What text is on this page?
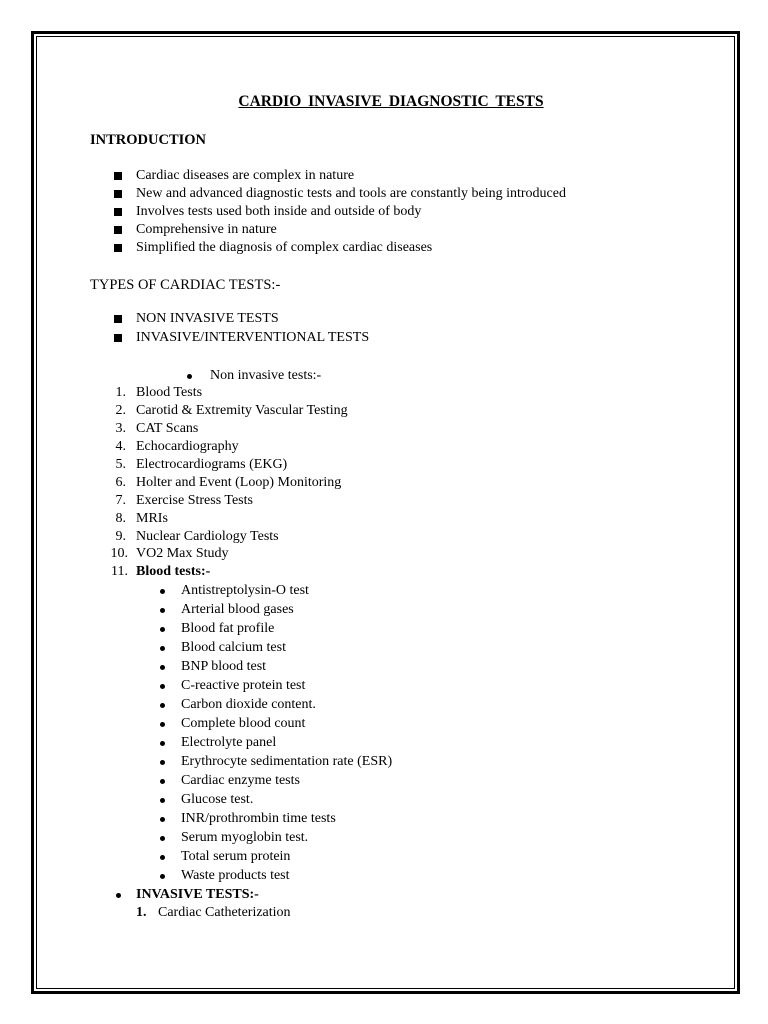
CARDIO INVASIVE DIAGNOSTIC TESTS
INTRODUCTION
Cardiac diseases are complex in nature
New and advanced diagnostic tests and tools are constantly being introduced
Involves tests used both inside and outside of body
Comprehensive in nature
Simplified the diagnosis of complex cardiac diseases
TYPES OF CARDIAC TESTS:-
NON INVASIVE TESTS
INVASIVE/INTERVENTIONAL TESTS
Non invasive tests:-
1. Blood Tests
2. Carotid & Extremity Vascular Testing
3. CAT Scans
4. Echocardiography
5. Electrocardiograms (EKG)
6. Holter and Event (Loop) Monitoring
7. Exercise Stress Tests
8. MRIs
9. Nuclear Cardiology Tests
10. VO2 Max Study
11. Blood tests:-
Antistreptolysin-O test
Arterial blood gases
Blood fat profile
Blood calcium test
BNP blood test
C-reactive protein test
Carbon dioxide content.
Complete blood count
Electrolyte panel
Erythrocyte sedimentation rate (ESR)
Cardiac enzyme tests
Glucose test.
INR/prothrombin time tests
Serum myoglobin test.
Total serum protein
Waste products test
INVASIVE TESTS:-
1. Cardiac Catheterization
